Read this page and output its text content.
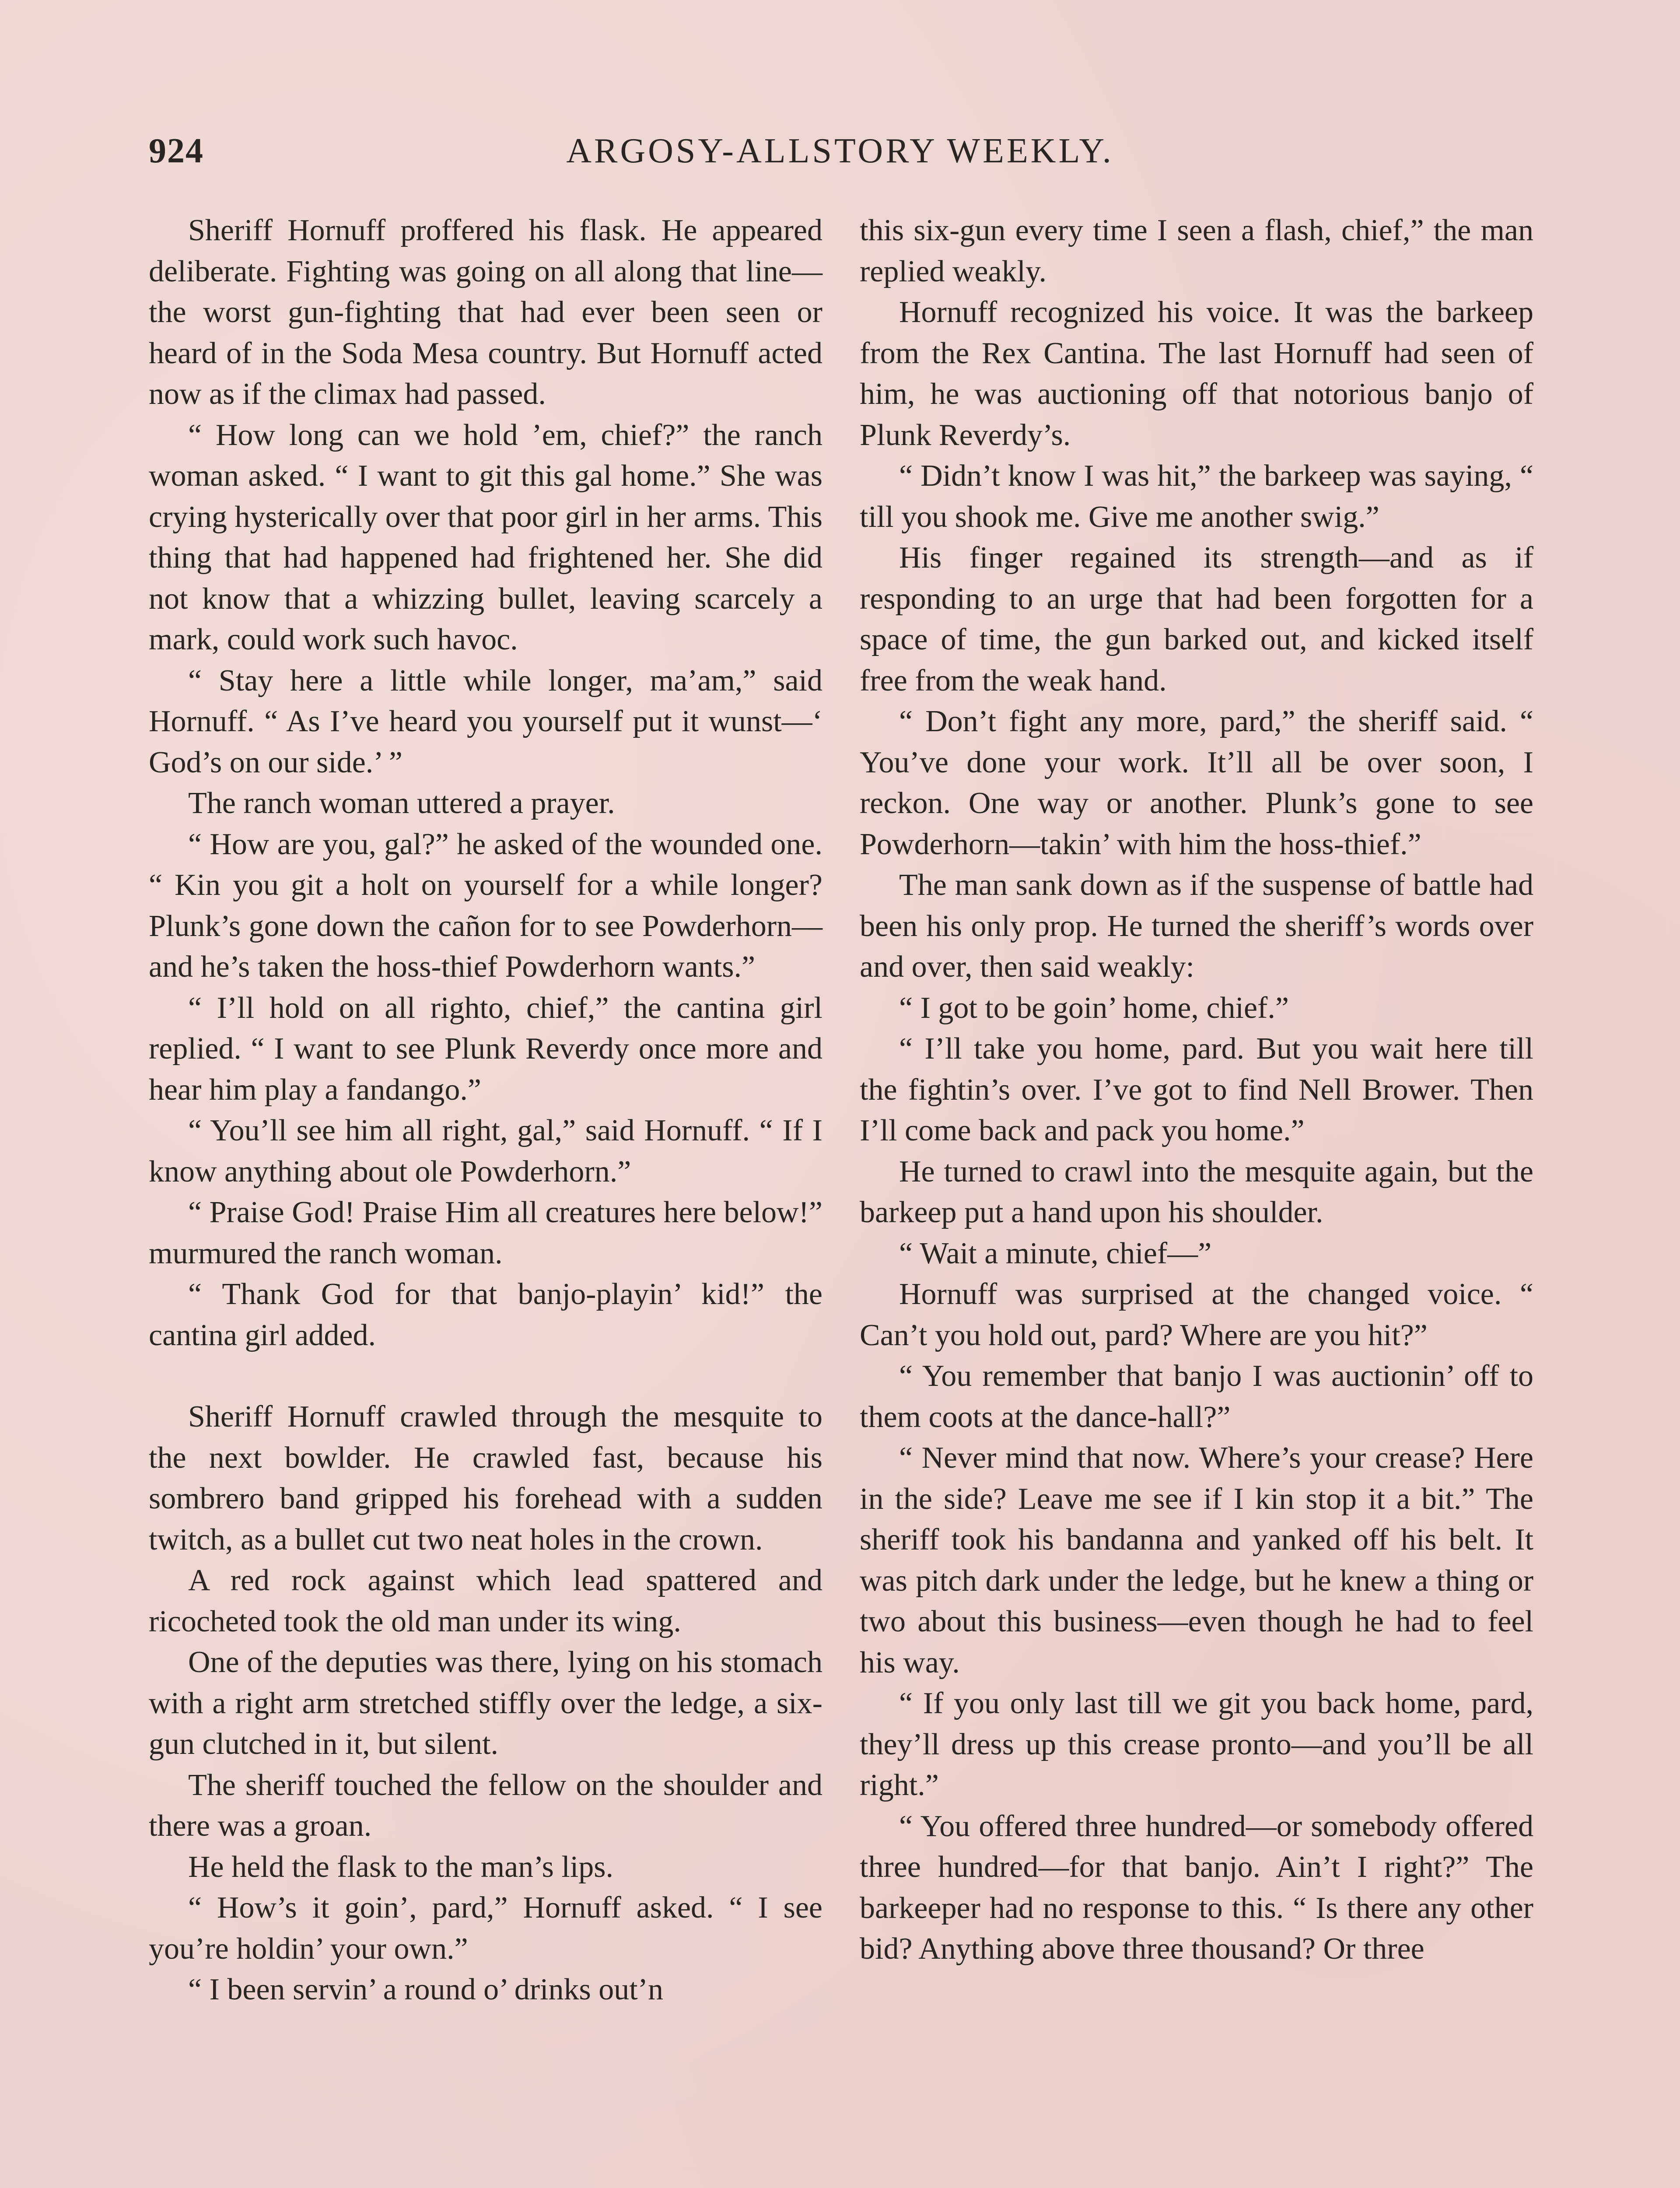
924	ARGOSY-ALLSTORY WEEKLY.

Sheriff Hornuff proffered his flask. He appeared deliberate. Fighting was going on all along that line—the worst gun-fighting that had ever been seen or heard of in the Soda Mesa country. But Hornuff acted now as if the climax had passed.

“ How long can we hold ’em, chief?” the ranch woman asked. “ I want to git this gal home.” She was crying hysterically over that poor girl in her arms. This thing that had happened had frightened her. She did not know that a whizzing bullet, leaving scarcely a mark, could work such havoc.

“ Stay here a little while longer, ma’am,” said Hornuff. “ As I’ve heard you yourself put it wunst—‘ God’s on our side.’ ”

The ranch woman uttered a prayer.

“ How are you, gal?” he asked of the wounded one. “ Kin you git a holt on yourself for a while longer? Plunk’s gone down the cañon for to see Powderhorn—and he’s taken the hoss-thief Powderhorn wants.”

“ I’ll hold on all righto, chief,” the cantina girl replied. “ I want to see Plunk Reverdy once more and hear him play a fandango.”

“ You’ll see him all right, gal,” said Hornuff. “ If I know anything about ole Powderhorn.”

“ Praise God! Praise Him all creatures here below!” murmured the ranch woman.

“ Thank God for that banjo-playin’ kid!” the cantina girl added.

Sheriff Hornuff crawled through the mesquite to the next bowlder. He crawled fast, because his sombrero band gripped his forehead with a sudden twitch, as a bullet cut two neat holes in the crown.

A red rock against which lead spattered and ricocheted took the old man under its wing.

One of the deputies was there, lying on his stomach with a right arm stretched stiffly over the ledge, a six-gun clutched in it, but silent.

The sheriff touched the fellow on the shoulder and there was a groan.

He held the flask to the man’s lips.

“ How’s it goin’, pard,” Hornuff asked. “ I see you’re holdin’ your own.”

“ I been servin’ a round o’ drinks out’n

this six-gun every time I seen a flash, chief,” the man replied weakly.

Hornuff recognized his voice. It was the barkeep from the Rex Cantina. The last Hornuff had seen of him, he was auctioning off that notorious banjo of Plunk Reverdy’s.

“ Didn’t know I was hit,” the barkeep was saying, “ till you shook me. Give me another swig.”

His finger regained its strength—and as if responding to an urge that had been forgotten for a space of time, the gun barked out, and kicked itself free from the weak hand.

“ Don’t fight any more, pard,” the sheriff said. “ You’ve done your work. It’ll all be over soon, I reckon. One way or another. Plunk’s gone to see Powderhorn—takin’ with him the hoss-thief.”

The man sank down as if the suspense of battle had been his only prop. He turned the sheriff’s words over and over, then said weakly:

“ I got to be goin’ home, chief.”

“ I’ll take you home, pard. But you wait here till the fightin’s over. I’ve got to find Nell Brower. Then I’ll come back and pack you home.”

He turned to crawl into the mesquite again, but the barkeep put a hand upon his shoulder.

“ Wait a minute, chief—”

Hornuff was surprised at the changed voice. “ Can’t you hold out, pard? Where are you hit?”

“ You remember that banjo I was auctionin’ off to them coots at the dance-hall?”

“ Never mind that now. Where’s your crease? Here in the side? Leave me see if I kin stop it a bit.” The sheriff took his bandanna and yanked off his belt. It was pitch dark under the ledge, but he knew a thing or two about this business—even though he had to feel his way.

“ If you only last till we git you back home, pard, they’ll dress up this crease pronto—and you’ll be all right.”

“ You offered three hundred—or somebody offered three hundred—for that banjo. Ain’t I right?” The barkeeper had no response to this. “ Is there any other bid? Anything above three thousand? Or three
